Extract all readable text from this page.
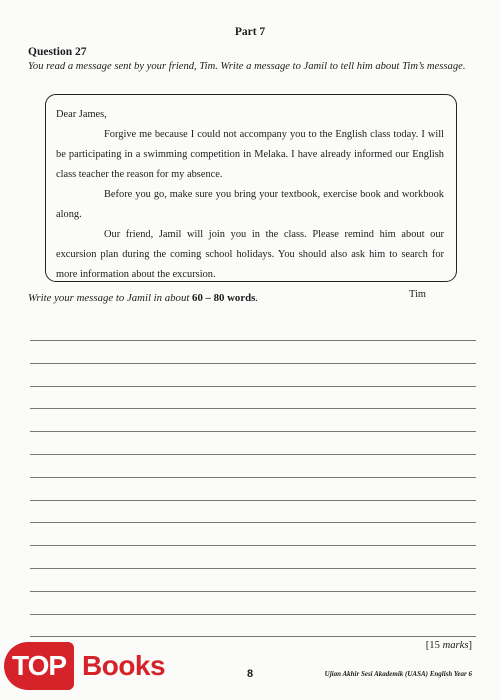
Part 7
Question 27
You read a message sent by your friend, Tim. Write a message to Jamil to tell him about Tim’s message.

Dear James,

Forgive me because I could not accompany you to the English class today. I will be participating in a swimming competition in Melaka. I have already informed our English class teacher the reason for my absence.

Before you go, make sure you bring your textbook, exercise book and workbook along.

Our friend, Jamil will join you in the class. Please remind him about our excursion plan during the coming school holidays. You should also ask him to search for more information about the excursion.

Tim

Write your message to Jamil in about 60 – 80 words.
[15 marks]
8	Ujian Akhir Sesi Akademik (UASA) English Year 6
TOP Books
